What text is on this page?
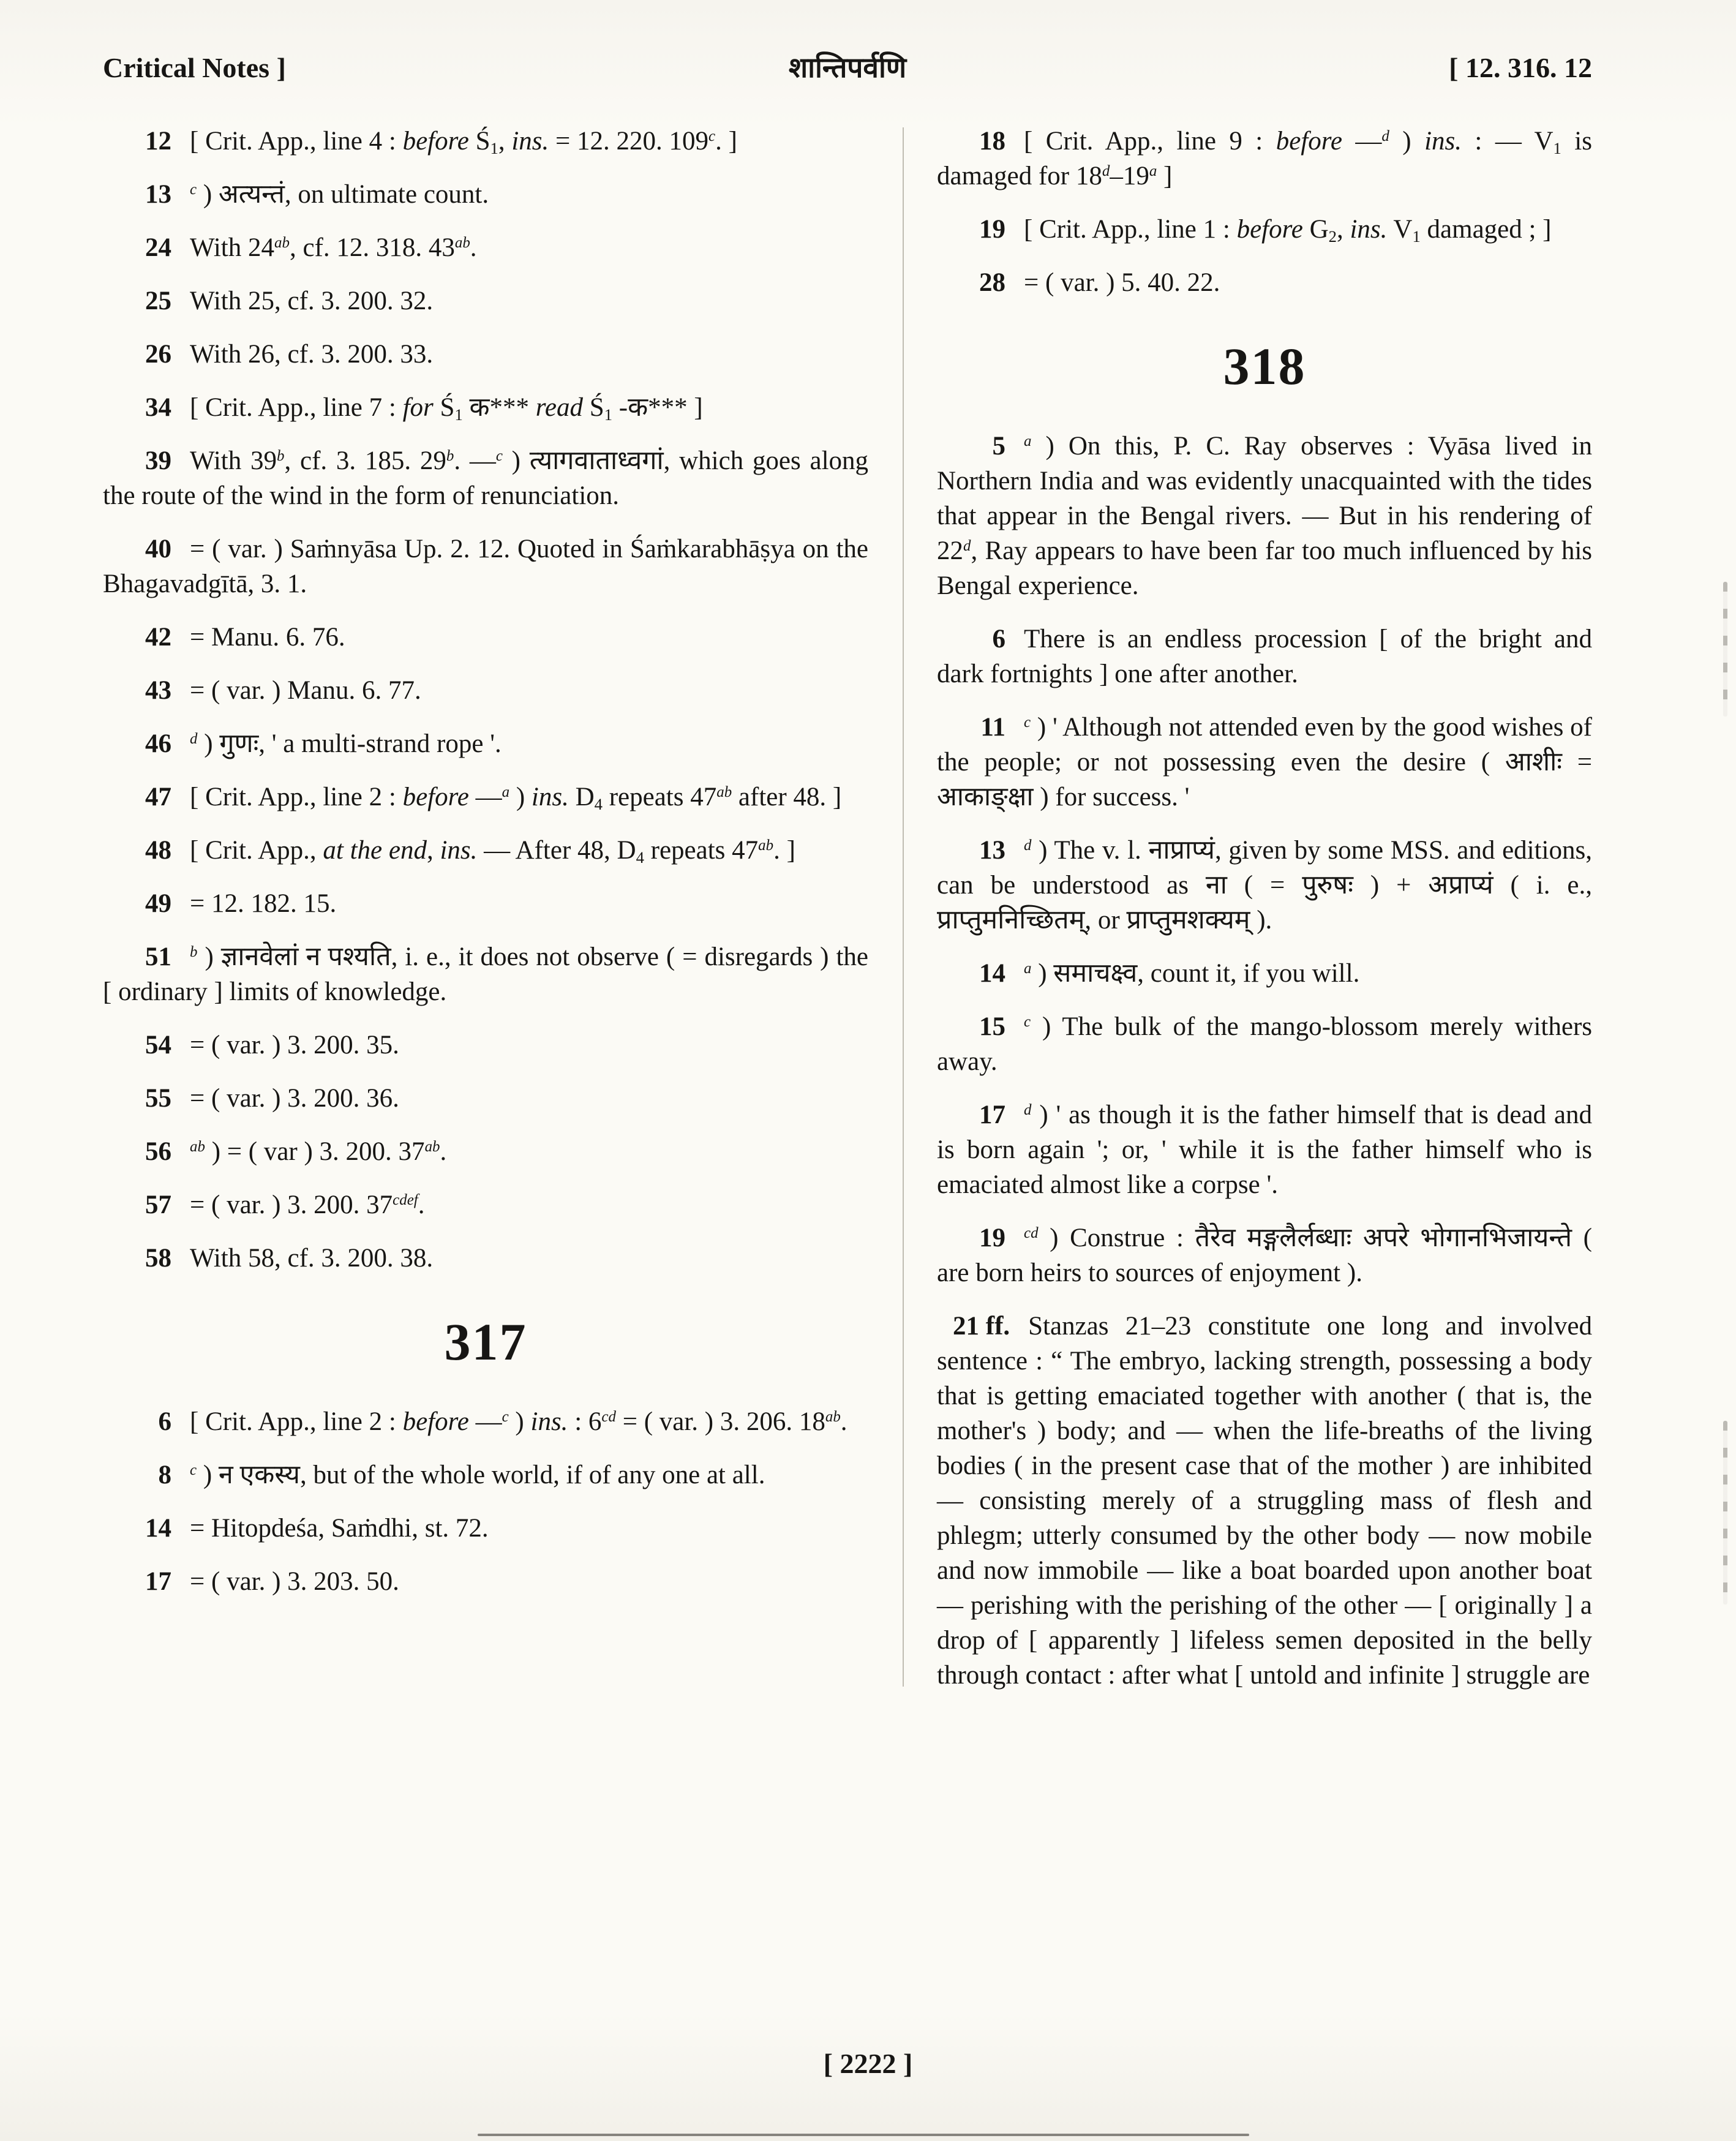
Critical Notes ]	शान्तिपर्वणि	[ 12. 316. 12

12 [ Crit. App., line 4 : before Ś1, ins. = 12. 220. 109$^c$. ]

13 $^c$ ) अत्यन्तं, on ultimate count.

24 With $24^{ab}$, cf. 12. 318. $43^{ab}$.

25 With 25, cf. 3. 200. 32.

26 With 26, cf. 3. 200. 33.

34 [ Crit. App., line 7 : for Ś1 क*** read Ś1 -क*** ]

39 With 39$^b$, cf. 3. 185. 29$^b$. —$^c$ ) त्यागवाताध्वगां, which goes along the route of the wind in the form of renunciation.

40 = ( var. ) Saṁnyāsa Up. 2. 12. Quoted in Śaṁkarabhāṣya on the Bhagavadgītā, 3. 1.

42 = Manu. 6. 76.

43 = ( var. ) Manu. 6. 77.

46 $^d$ ) गुणः, ' a multi-strand rope '.

47 [ Crit. App., line 2 : before —$^a$ ) ins. D4 repeats $47^{ab}$ after 48. ]

48 [ Crit. App., at the end, ins. — After 48, D4 repeats $47^{ab}$. ]

49 = 12. 182. 15.

51 $^b$ ) ज्ञानवेलां न पश्यति, i. e., it does not observe ( = disregards ) the [ ordinary ] limits of knowledge.

54 = ( var. ) 3. 200. 35.

55 = ( var. ) 3. 200. 36.

56 $^{ab}$ ) = ( var ) 3. 200. $37^{ab}$.

57 = ( var. ) 3. 200. $37^{cdef}$.

58 With 58, cf. 3. 200. 38.

317

6 [ Crit. App., line 2 : before —$^c$ ) ins. : $6^{cd}$ = ( var. ) 3. 206. $18^{ab}$.

8 $^c$ ) न एकस्य, but of the whole world, if of any one at all.

14 = Hitopdeśa, Saṁdhi, st. 72.

17 = ( var. ) 3. 203. 50.

18 [ Crit. App., line 9 : before —$^d$ ) ins. : — V1 is damaged for 18$^d$–19$^a$ ]

19 [ Crit. App., line 1 : before G2, ins. V1 damaged ; ]

28 = ( var. ) 5. 40. 22.

318

5 $^a$ ) On this, P. C. Ray observes : Vyāsa lived in Northern India and was evidently unacquainted with the tides that appear in the Bengal rivers. — But in his rendering of 22$^d$, Ray appears to have been far too much influenced by his Bengal experience.

6 There is an endless procession [ of the bright and dark fortnights ] one after another.

11 $^c$ ) ' Although not attended even by the good wishes of the people; or not possessing even the desire ( आशीः = आकाङ्क्षा ) for success. '

13 $^d$ ) The v. l. नाप्राप्यं, given by some MSS. and editions, can be understood as ना ( = पुरुषः ) + अप्राप्यं ( i. e., प्राप्तुमनिच्छितम्, or प्राप्तुमशक्यम् ).

14 $^a$ ) समाचक्ष्व, count it, if you will.

15 $^c$ ) The bulk of the mango-blossom merely withers away.

17 $^d$ ) ' as though it is the father himself that is dead and is born again '; or, ' while it is the father himself who is emaciated almost like a corpse '.

19 $^{cd}$ ) Construe : तैरेव मङ्गलैर्लब्धाः अपरे भोगानभिजायन्ते ( are born heirs to sources of enjoyment ).

21 ff. Stanzas 21–23 constitute one long and involved sentence : “ The embryo, lacking strength, possessing a body that is getting emaciated together with another ( that is, the mother's ) body; and — when the life-breaths of the living bodies ( in the present case that of the mother ) are inhibited — consisting merely of a struggling mass of flesh and phlegm; utterly consumed by the other body — now mobile and now immobile — like a boat boarded upon another boat — perishing with the perishing of the other — [ originally ] a drop of [ apparently ] lifeless semen deposited in the belly through contact : after what [ untold and infinite ] struggle are

[ 2222 ]
